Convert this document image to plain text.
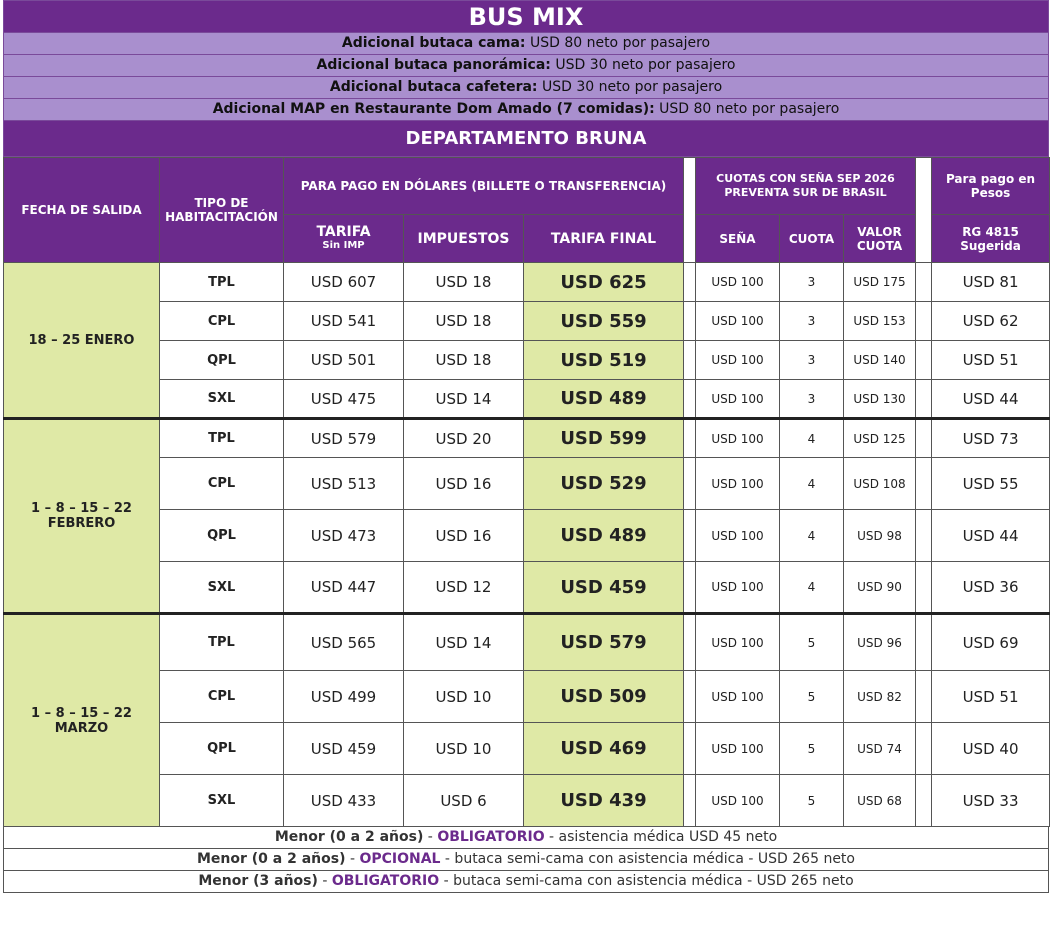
BUS MIX
Adicional butaca cama: USD 80 neto por pasajero
Adicional butaca panorámica: USD 30 neto por pasajero
Adicional butaca cafetera: USD 30 neto por pasajero
Adicional MAP en Restaurante Dom Amado (7 comidas): USD 80 neto por pasajero
DEPARTAMENTO BRUNA
FECHA DE SALIDA	TIPO DE HABITACITACIÓN	PARA PAGO EN DÓLARES (BILLETE O TRANSFERENCIA)				CUOTAS CON SEÑA SEP 2026 PREVENTA SUR DE BRASIL				Para pago en Pesos
		TARIFA
Sin IMP	IMPUESTOS	TARIFA FINAL		SEÑA	CUOTA	VALOR CUOTA		RG 4815 Sugerida
18 – 25 ENERO	TPL	USD 607	USD 18	USD 625		USD 100	3	USD 175		USD 81
	CPL	USD 541	USD 18	USD 559		USD 100	3	USD 153		USD 62
	QPL	USD 501	USD 18	USD 519		USD 100	3	USD 140		USD 51
	SXL	USD 475	USD 14	USD 489		USD 100	3	USD 130		USD 44
1 – 8 – 15 – 22 FEBRERO	TPL	USD 579	USD 20	USD 599		USD 100	4	USD 125		USD 73
	CPL	USD 513	USD 16	USD 529		USD 100	4	USD 108		USD 55
	QPL	USD 473	USD 16	USD 489		USD 100	4	USD 98		USD 44
	SXL	USD 447	USD 12	USD 459		USD 100	4	USD 90		USD 36
1 – 8 – 15 – 22 MARZO	TPL	USD 565	USD 14	USD 579		USD 100	5	USD 96		USD 69
	CPL	USD 499	USD 10	USD 509		USD 100	5	USD 82		USD 51
	QPL	USD 459	USD 10	USD 469		USD 100	5	USD 74		USD 40
	SXL	USD 433	USD 6	USD 439		USD 100	5	USD 68		USD 33
Menor (0 a 2 años) - OBLIGATORIO - asistencia médica USD 45 neto
Menor (0 a 2 años) - OPCIONAL - butaca semi-cama con asistencia médica - USD 265 neto
Menor (3 años) - OBLIGATORIO - butaca semi-cama con asistencia médica - USD 265 neto
